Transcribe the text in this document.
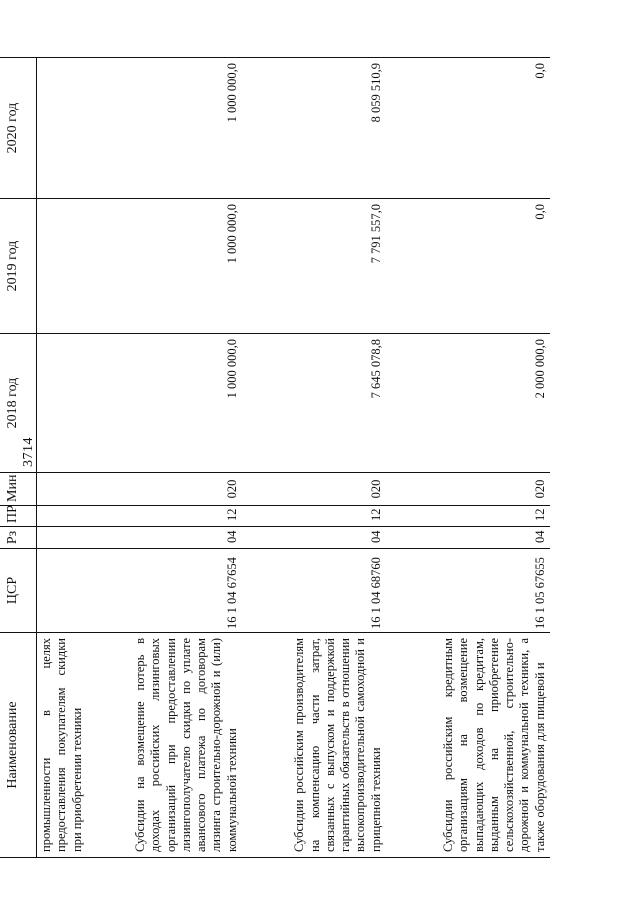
3714
Наименование	ЦСР	Рз	ПР	Мин	2018 год	2019 год	2020 год
промышленности в целях предоставления покупателям скидки при приобретении техники							
Субсидии на возмещение потерь в доходах российских лизинговых организаций при предоставлении лизингополучателю скидки по уплате авансового платежа по договорам лизинга строительно-дорожной и (или) коммунальной техники	16 1 04 67654	04	12	020	1 000 000,0	1 000 000,0	1 000 000,0
Субсидии российским производителям на компенсацию части затрат, связанных с выпуском и поддержкой гарантийных обязательств в отношении высокопроизводительной самоходной и прицепной техники	16 1 04 68760	04	12	020	7 645 078,8	7 791 557,0	8 059 510,9
Субсидии российским кредитным организациям на возмещение выпадающих доходов по кредитам, выданным на приобретение сельскохозяйственной, строительно-дорожной и коммунальной техники, а также оборудования для пищевой и	16 1 05 67655	04	12	020	2 000 000,0	0,0	0,0
